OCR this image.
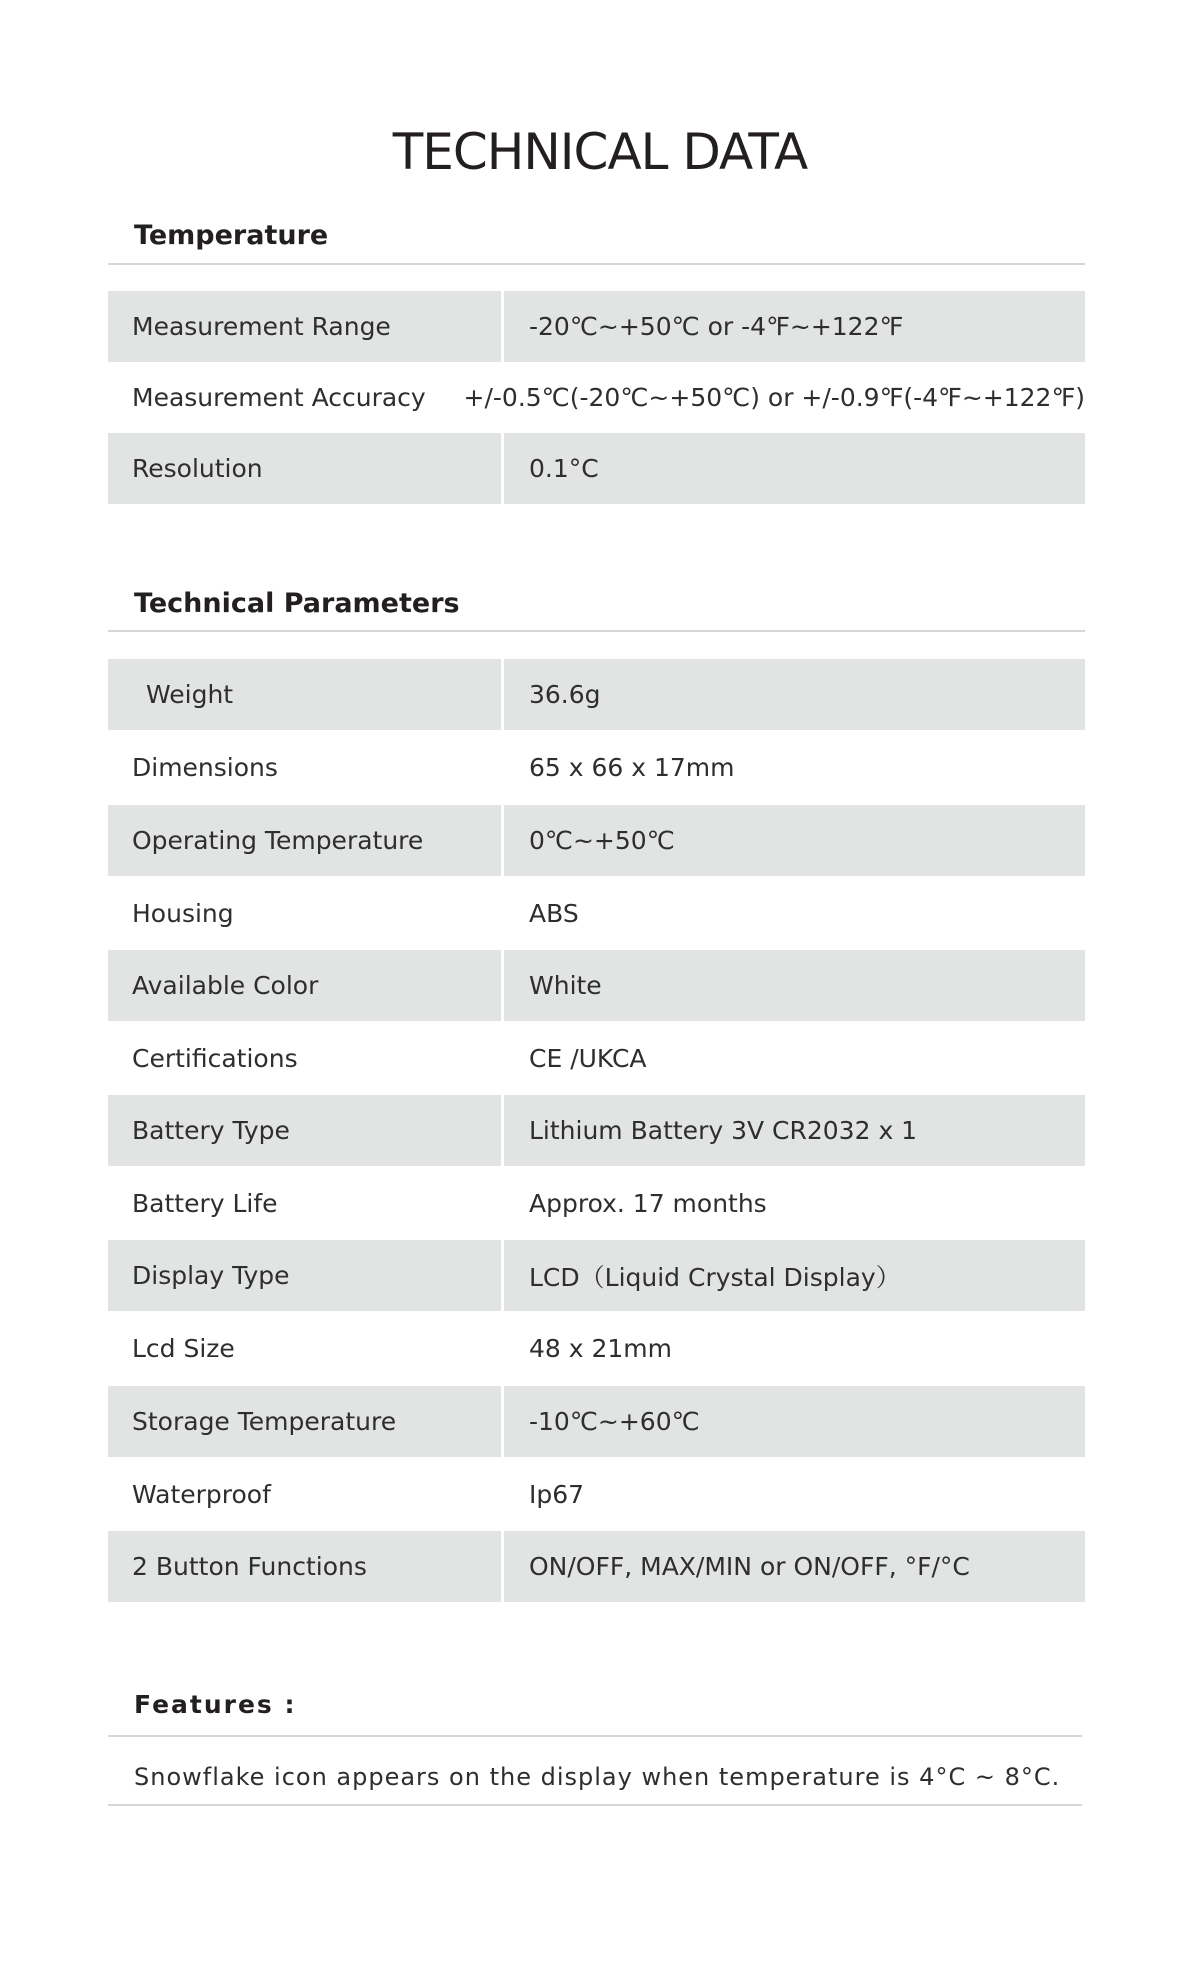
TECHNICAL DATA
Temperature
Measurement Range	-20℃~+50℃ or -4℉~+122℉
Measurement Accuracy	+/-0.5℃(-20℃~+50℃) or +/-0.9℉(-4℉~+122℉)
Resolution	0.1°C
Technical Parameters
Weight	36.6g
Dimensions	65 x 66 x 17mm
Operating Temperature	0℃~+50℃
Housing	ABS
Available Color	White
Certifications	CE /UKCA
Battery Type	Lithium Battery 3V CR2032 x 1
Battery Life	Approx. 17 months
Display Type	LCD（Liquid Crystal Display）
Lcd Size	48 x 21mm
Storage Temperature	-10℃~+60℃
Waterproof	Ip67
2 Button Functions	ON/OFF, MAX/MIN or ON/OFF, °F/°C
Features :
Snowflake icon appears on the display when temperature is 4°C ~ 8°C.
